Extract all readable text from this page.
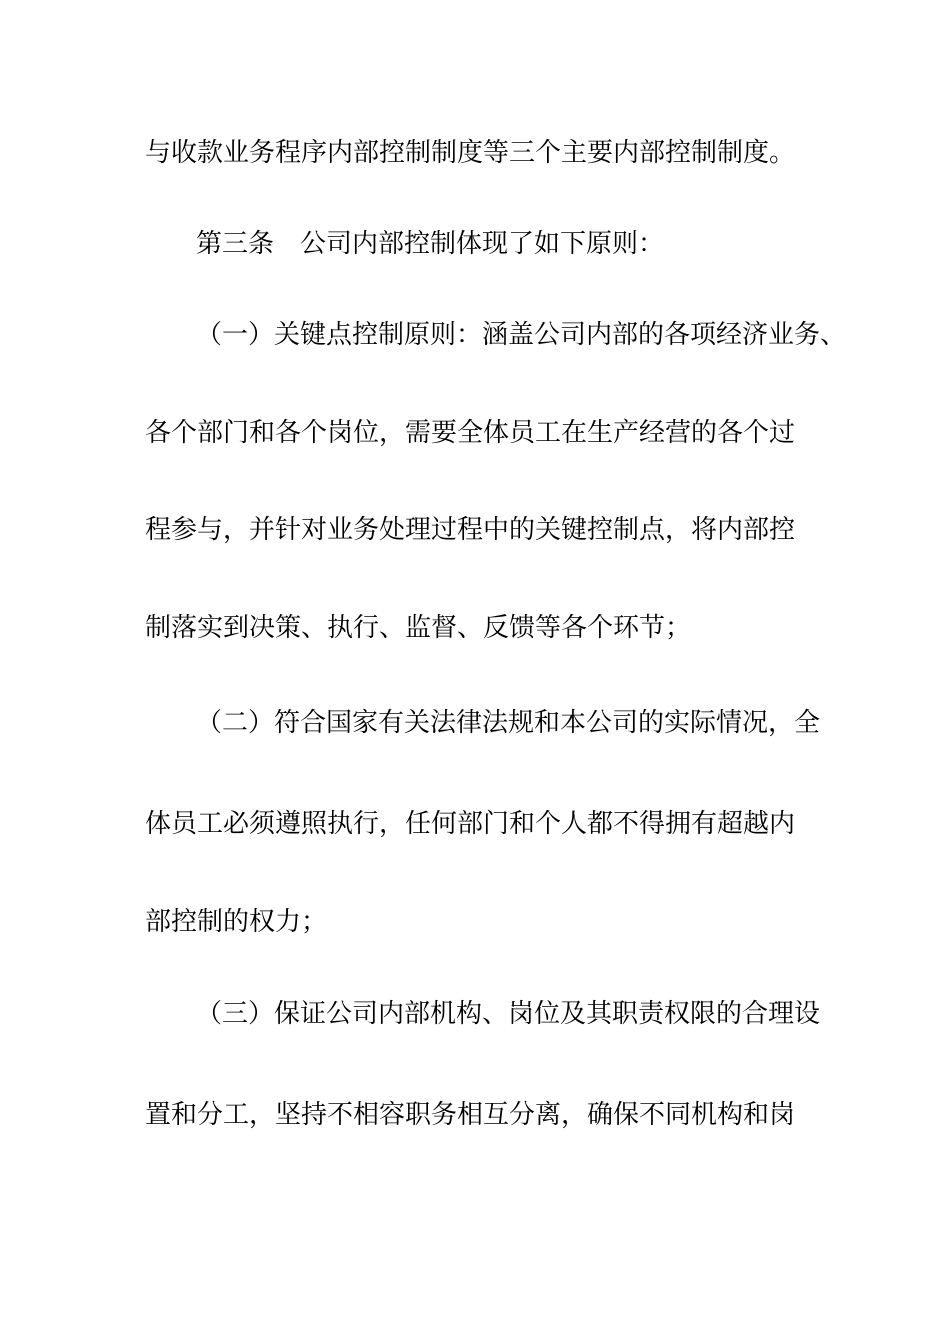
与收款业务程序内部控制制度等三个主要内部控制制度。
第三条　公司内部控制体现了如下原则：
（一）关键点控制原则：涵盖公司内部的各项经济业务、
各个部门和各个岗位，需要全体员工在生产经营的各个过
程参与，并针对业务处理过程中的关键控制点，将内部控
制落实到决策、执行、监督、反馈等各个环节；
（二）符合国家有关法律法规和本公司的实际情况，全
体员工必须遵照执行，任何部门和个人都不得拥有超越内
部控制的权力；
（三）保证公司内部机构、岗位及其职责权限的合理设
置和分工，坚持不相容职务相互分离，确保不同机构和岗
